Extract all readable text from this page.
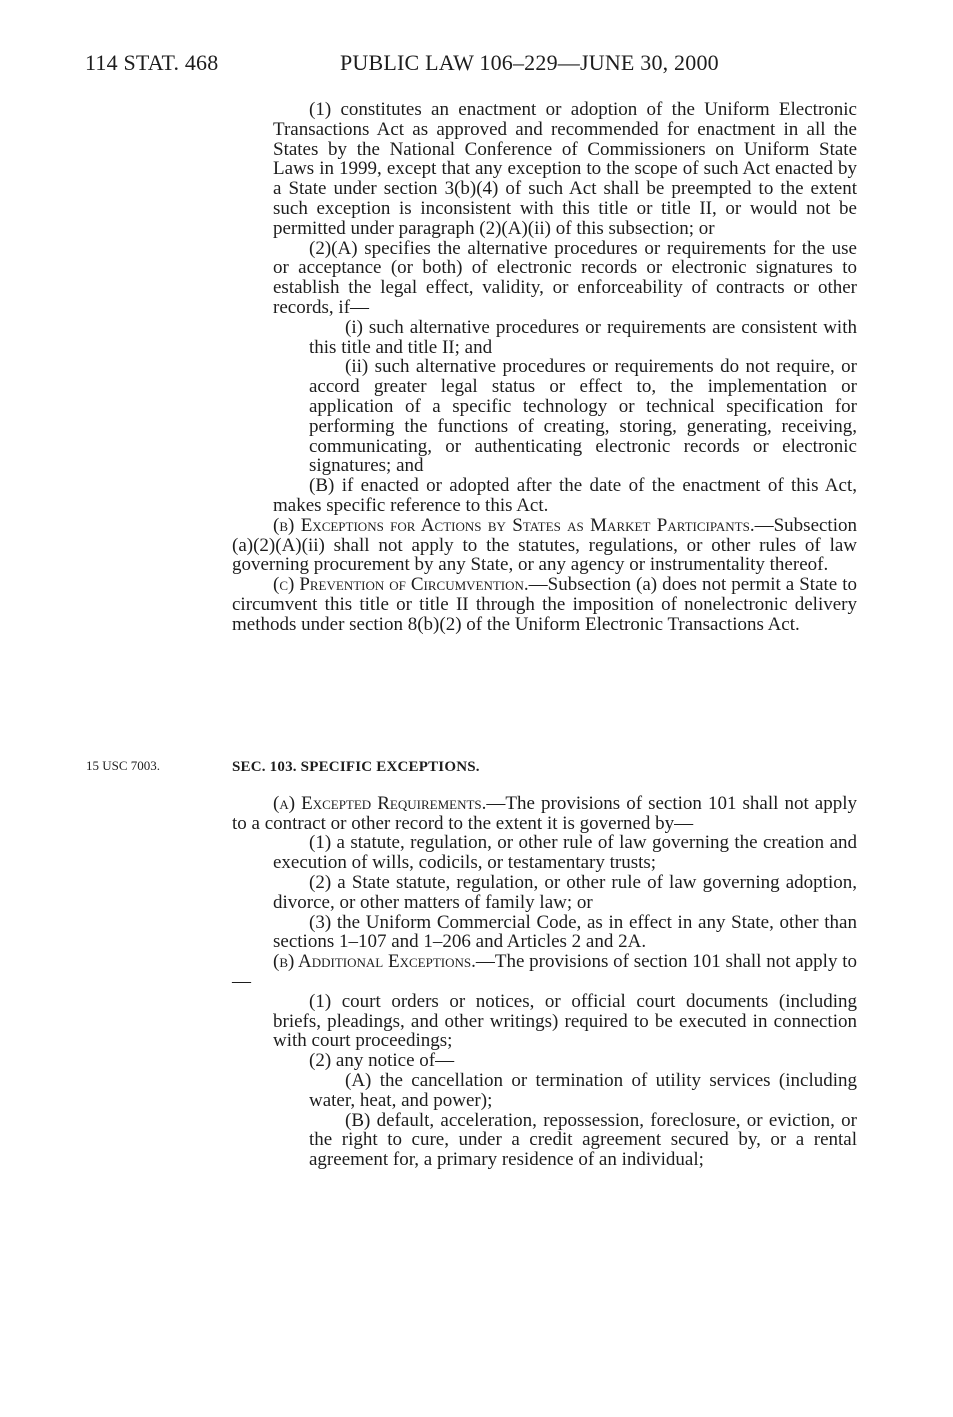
114 STAT. 468	PUBLIC LAW 106–229—JUNE 30, 2000

(1) constitutes an enactment or adoption of the Uniform Electronic Transactions Act as approved and recommended for enactment in all the States by the National Conference of Commissioners on Uniform State Laws in 1999, except that any exception to the scope of such Act enacted by a State under section 3(b)(4) of such Act shall be preempted to the extent such exception is inconsistent with this title or title II, or would not be permitted under paragraph (2)(A)(ii) of this subsection; or

(2)(A) specifies the alternative procedures or requirements for the use or acceptance (or both) of electronic records or electronic signatures to establish the legal effect, validity, or enforceability of contracts or other records, if—

(i) such alternative procedures or requirements are consistent with this title and title II; and

(ii) such alternative procedures or requirements do not require, or accord greater legal status or effect to, the implementation or application of a specific technology or technical specification for performing the functions of creating, storing, generating, receiving, communicating, or authenticating electronic records or electronic signatures; and

(B) if enacted or adopted after the date of the enactment of this Act, makes specific reference to this Act.

(b) Exceptions for Actions by States as Market Participants.—Subsection (a)(2)(A)(ii) shall not apply to the statutes, regulations, or other rules of law governing procurement by any State, or any agency or instrumentality thereof.

(c) Prevention of Circumvention.—Subsection (a) does not permit a State to circumvent this title or title II through the imposition of nonelectronic delivery methods under section 8(b)(2) of the Uniform Electronic Transactions Act.

15 USC 7003.	SEC. 103. SPECIFIC EXCEPTIONS.

(a) Excepted Requirements.—The provisions of section 101 shall not apply to a contract or other record to the extent it is governed by—

(1) a statute, regulation, or other rule of law governing the creation and execution of wills, codicils, or testamentary trusts;

(2) a State statute, regulation, or other rule of law governing adoption, divorce, or other matters of family law; or

(3) the Uniform Commercial Code, as in effect in any State, other than sections 1–107 and 1–206 and Articles 2 and 2A.

(b) Additional Exceptions.—The provisions of section 101 shall not apply to—

(1) court orders or notices, or official court documents (including briefs, pleadings, and other writings) required to be executed in connection with court proceedings;

(2) any notice of—

(A) the cancellation or termination of utility services (including water, heat, and power);

(B) default, acceleration, repossession, foreclosure, or eviction, or the right to cure, under a credit agreement secured by, or a rental agreement for, a primary residence of an individual;
